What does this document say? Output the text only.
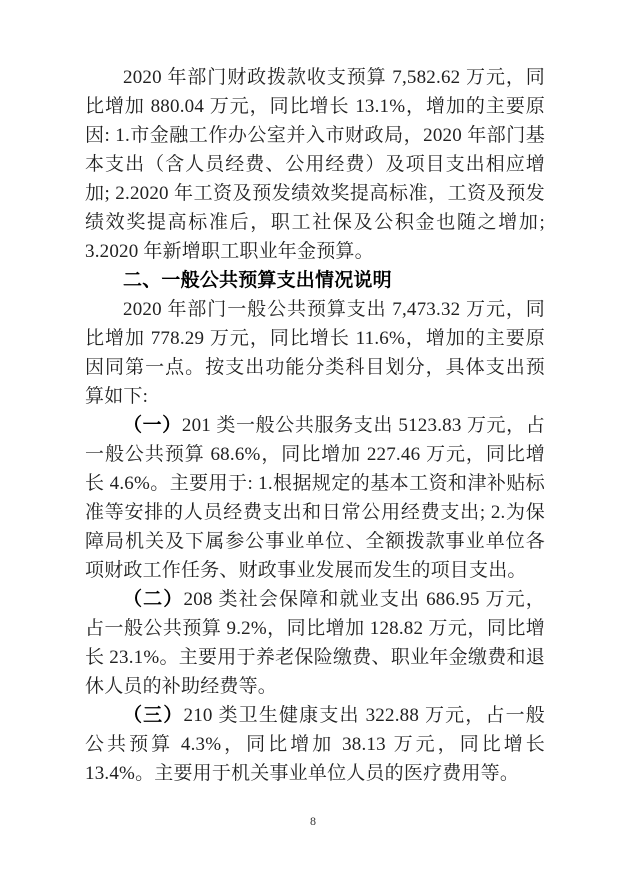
2020 年部门财政拨款收支预算 7,582.62 万元，同比增加 880.04 万元，同比增长 13.1%，增加的主要原因: 1.市金融工作办公室并入市财政局，2020 年部门基本支出（含人员经费、公用经费）及项目支出相应增加; 2.2020 年工资及预发绩效奖提高标准，工资及预发绩效奖提高标准后，职工社保及公积金也随之增加; 3.2020 年新增职工职业年金预算。

二、一般公共预算支出情况说明

2020 年部门一般公共预算支出 7,473.32 万元，同比增加 778.29 万元，同比增长 11.6%，增加的主要原因同第一点。按支出功能分类科目划分，具体支出预算如下:

（一）201 类一般公共服务支出 5123.83 万元，占一般公共预算 68.6%，同比增加 227.46 万元，同比增长 4.6%。主要用于: 1.根据规定的基本工资和津补贴标准等安排的人员经费支出和日常公用经费支出; 2.为保障局机关及下属参公事业单位、全额拨款事业单位各项财政工作任务、财政事业发展而发生的项目支出。

（二）208 类社会保障和就业支出 686.95 万元，占一般公共预算 9.2%，同比增加 128.82 万元，同比增长 23.1%。主要用于养老保险缴费、职业年金缴费和退休人员的补助经费等。

（三）210 类卫生健康支出 322.88 万元，占一般公共预算 4.3%，同比增加 38.13 万元，同比增长 13.4%。主要用于机关事业单位人员的医疗费用等。

8
